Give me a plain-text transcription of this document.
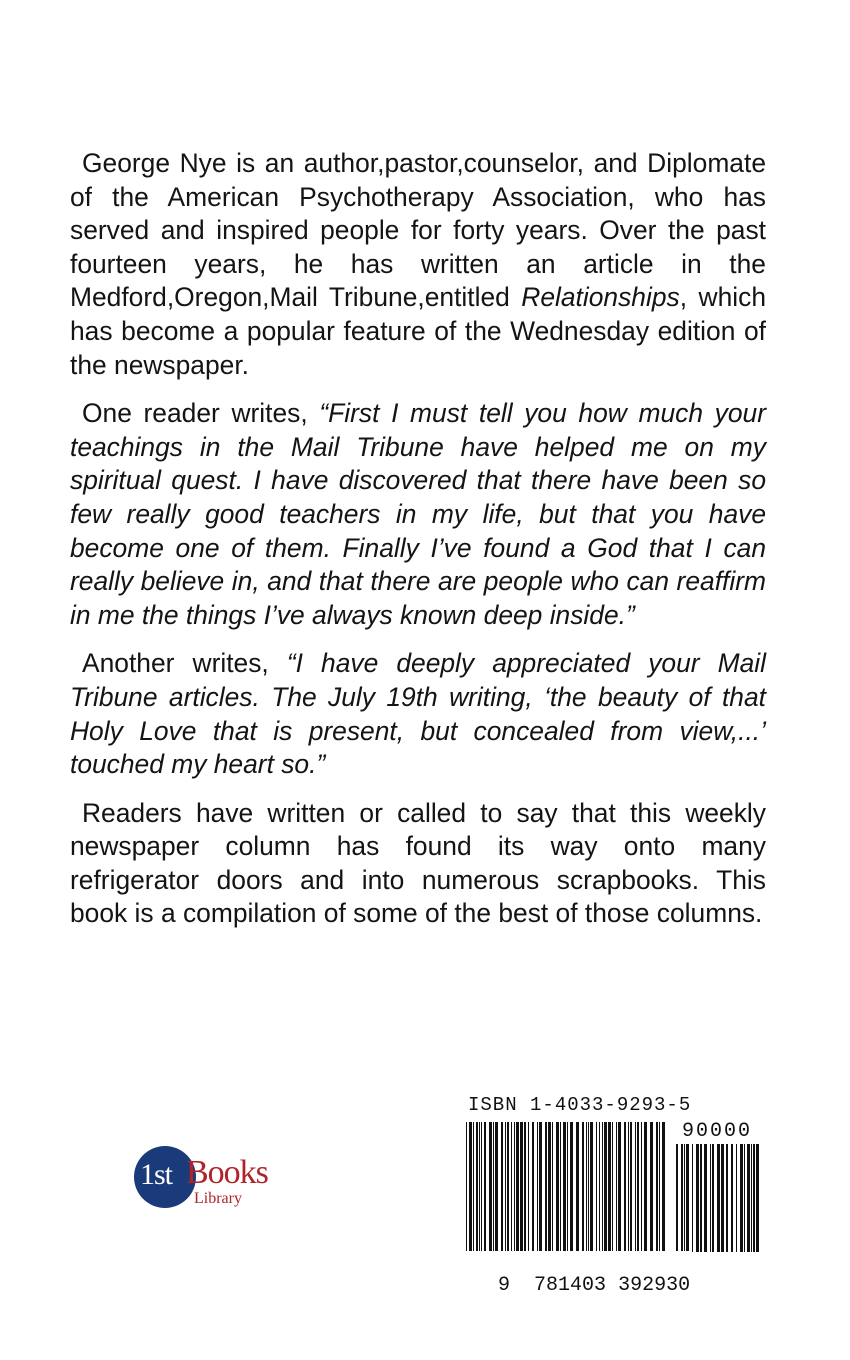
George Nye is an author,pastor,counselor, and Diplomate of the American Psychotherapy Association, who has served and inspired people for forty years. Over the past fourteen years, he has written an article in the Medford,Oregon,Mail Tribune,entitled Relationships, which has become a popular feature of the Wednesday edition of the newspaper.

One reader writes, “First I must tell you how much your teachings in the Mail Tribune have helped me on my spiritual quest. I have discovered that there have been so few really good teachers in my life, but that you have become one of them. Finally I’ve found a God that I can really believe in, and that there are people who can reaffirm in me the things I’ve always known deep inside.”

Another writes, “I have deeply appreciated your Mail Tribune articles. The July 19th writing, ‘the beauty of that Holy Love that is present, but concealed from view,...’ touched my heart so.”

Readers have written or called to say that this weekly newspaper column has found its way onto many refrigerator doors and into numerous scrapbooks. This book is a compilation of some of the best of those columns.

1st Books
Library
ISBN 1-4033-9293-5
90000

9 781403 392930
